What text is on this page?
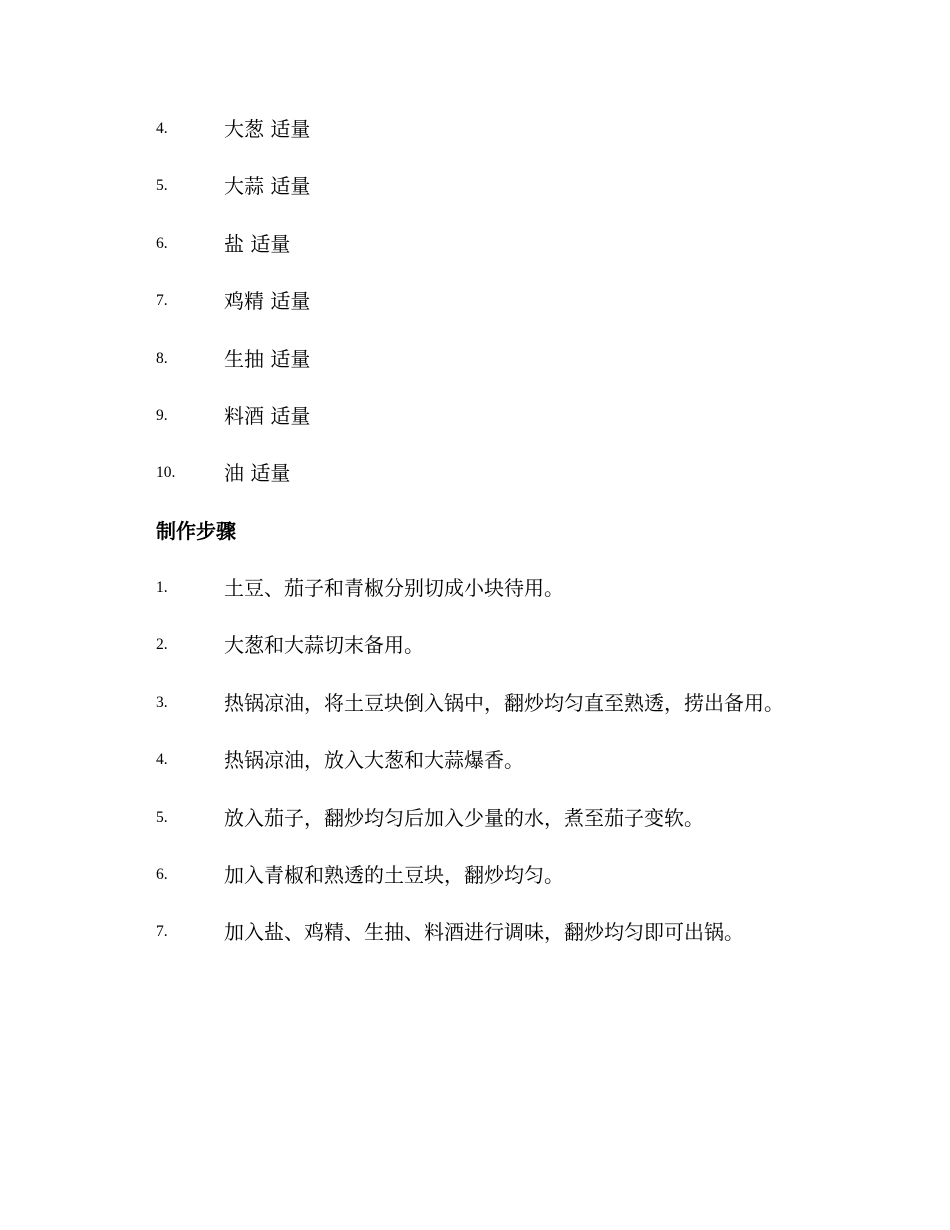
4.	大葱 适量
5.	大蒜 适量
6.	盐 适量
7.	鸡精 适量
8.	生抽 适量
9.	料酒 适量
10. 油 适量
制作步骤
1.	土豆、茄子和青椒分别切成小块待用。
2.	大葱和大蒜切末备用。
3.	热锅凉油，将土豆块倒入锅中，翻炒均匀直至熟透，捞出备用。
4.	热锅凉油，放入大葱和大蒜爆香。
5.	放入茄子，翻炒均匀后加入少量的水，煮至茄子变软。
6.	加入青椒和熟透的土豆块，翻炒均匀。
7.	加入盐、鸡精、生抽、料酒进行调味，翻炒均匀即可出锅。
